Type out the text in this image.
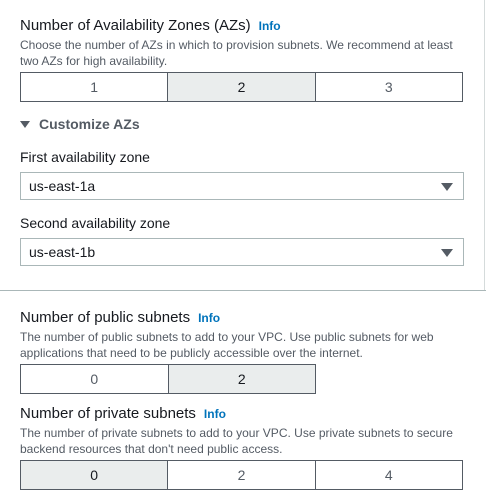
Number of Availability Zones (AZs) Info
Choose the number of AZs in which to provision subnets. We recommend at least two AZs for high availability.
1	2	3
Customize AZs
First availability zone
us-east-1a
Second availability zone
us-east-1b
Number of public subnets Info
The number of public subnets to add to your VPC. Use public subnets for web applications that need to be publicly accessible over the internet.
0	2
Number of private subnets Info
The number of private subnets to add to your VPC. Use private subnets to secure backend resources that don't need public access.
0	2	4
